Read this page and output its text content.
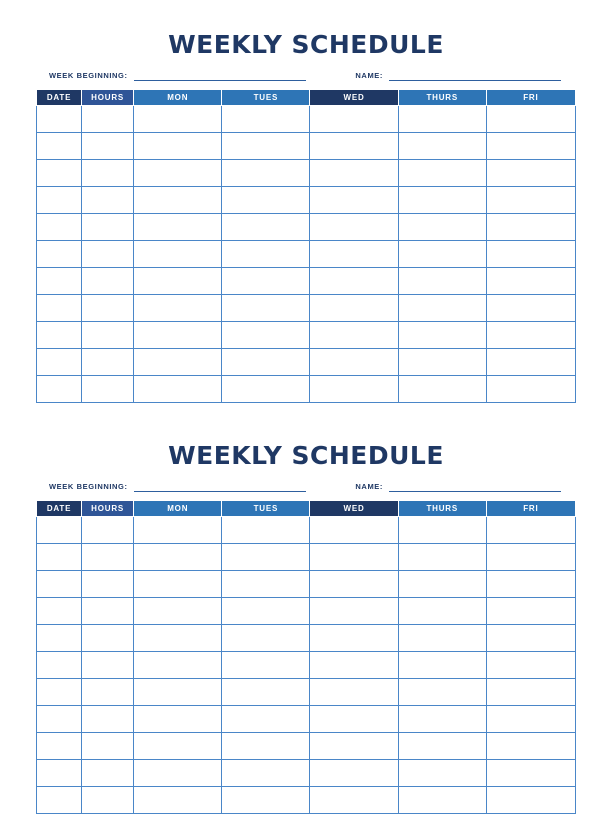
WEEKLY SCHEDULE
WEEK BEGINNING:	NAME:
DATE	HOURS	MON	TUES	WED	THURS	FRI

WEEKLY SCHEDULE
WEEK BEGINNING:	NAME:
DATE	HOURS	MON	TUES	WED	THURS	FRI
